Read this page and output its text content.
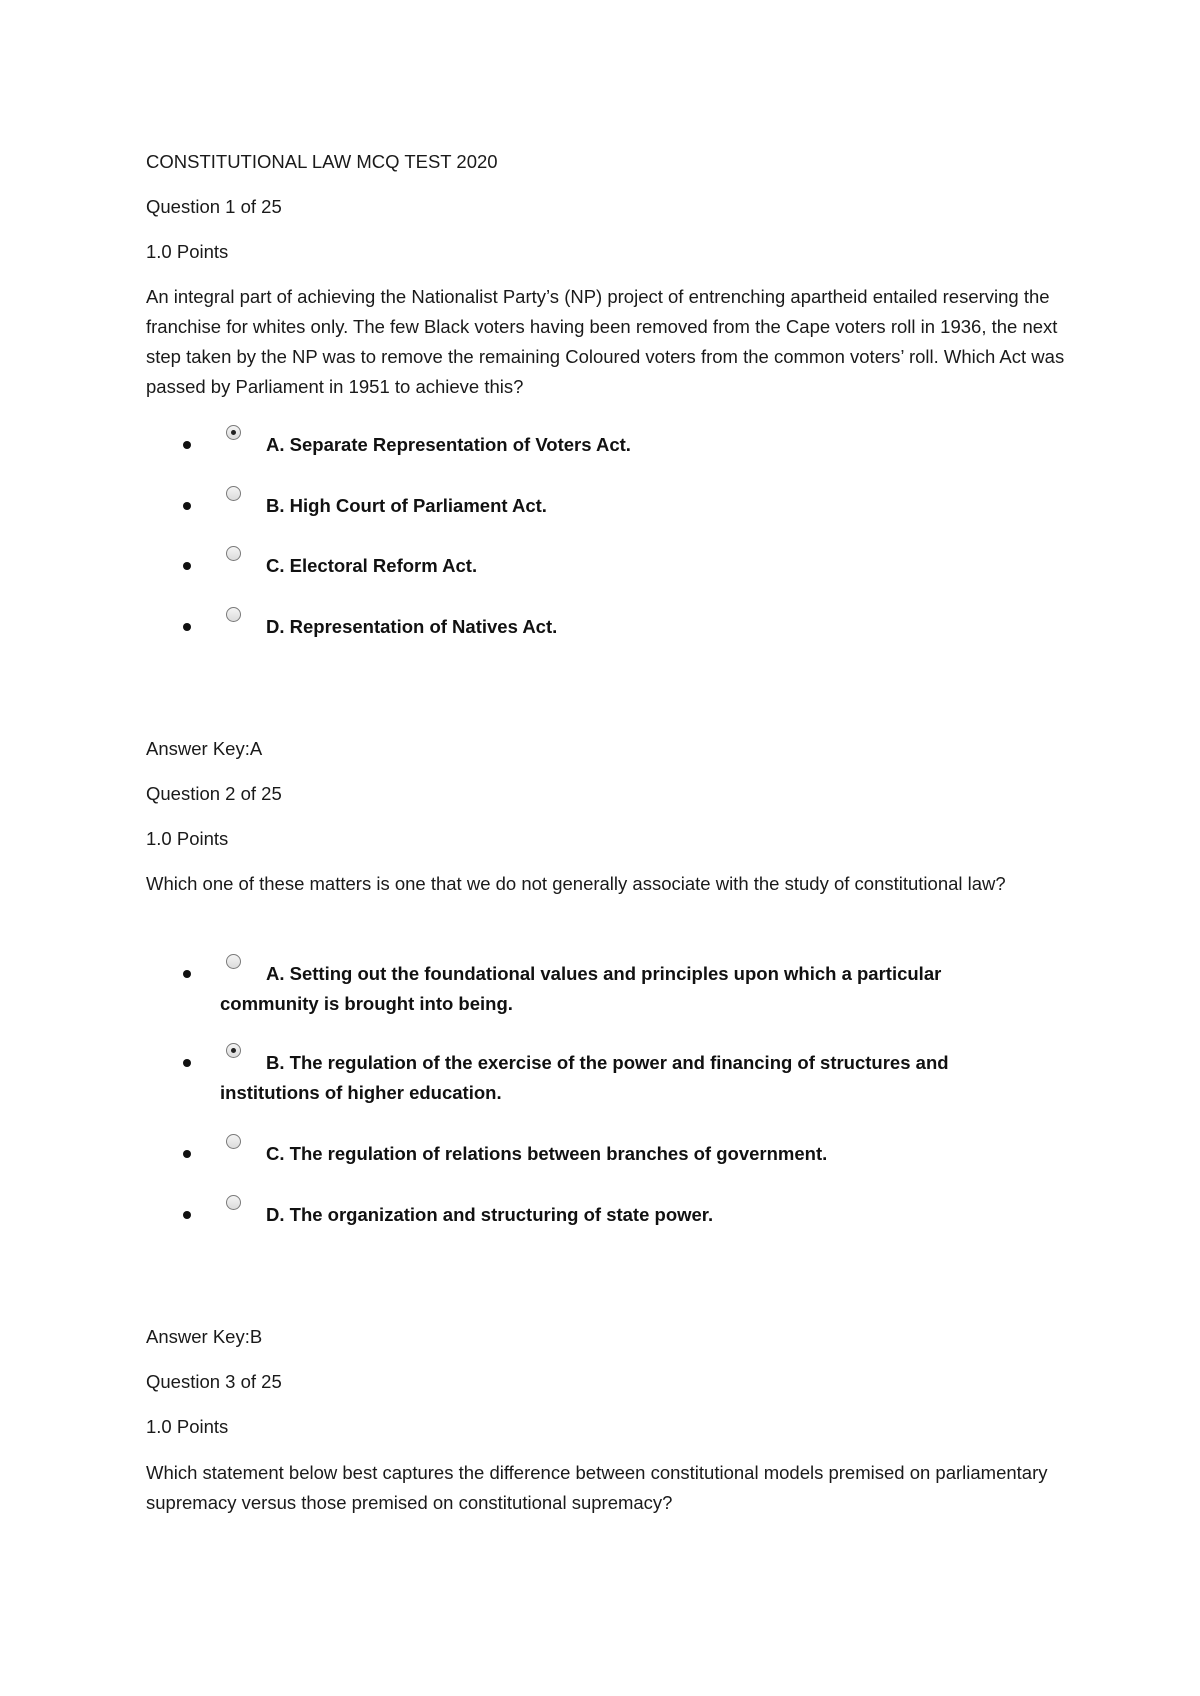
CONSTITUTIONAL LAW MCQ TEST 2020
Question 1 of 25
1.0 Points
An integral part of achieving the Nationalist Party’s (NP) project of entrenching apartheid entailed reserving the franchise for whites only. The few Black voters having been removed from the Cape voters roll in 1936, the next step taken by the NP was to remove the remaining Coloured voters from the common voters’ roll. Which Act was passed by Parliament in 1951 to achieve this?
A. Separate Representation of Voters Act.
B. High Court of Parliament Act.
C. Electoral Reform Act.
D. Representation of Natives Act.
Answer Key:A
Question 2 of 25
1.0 Points
Which one of these matters is one that we do not generally associate with the study of constitutional law?
A. Setting out the foundational values and principles upon which a particular
community is brought into being.
B. The regulation of the exercise of the power and financing of structures and
institutions of higher education.
C. The regulation of relations between branches of government.
D. The organization and structuring of state power.
Answer Key:B
Question 3 of 25
1.0 Points
Which statement below best captures the difference between constitutional models premised on parliamentary supremacy versus those premised on constitutional supremacy?
